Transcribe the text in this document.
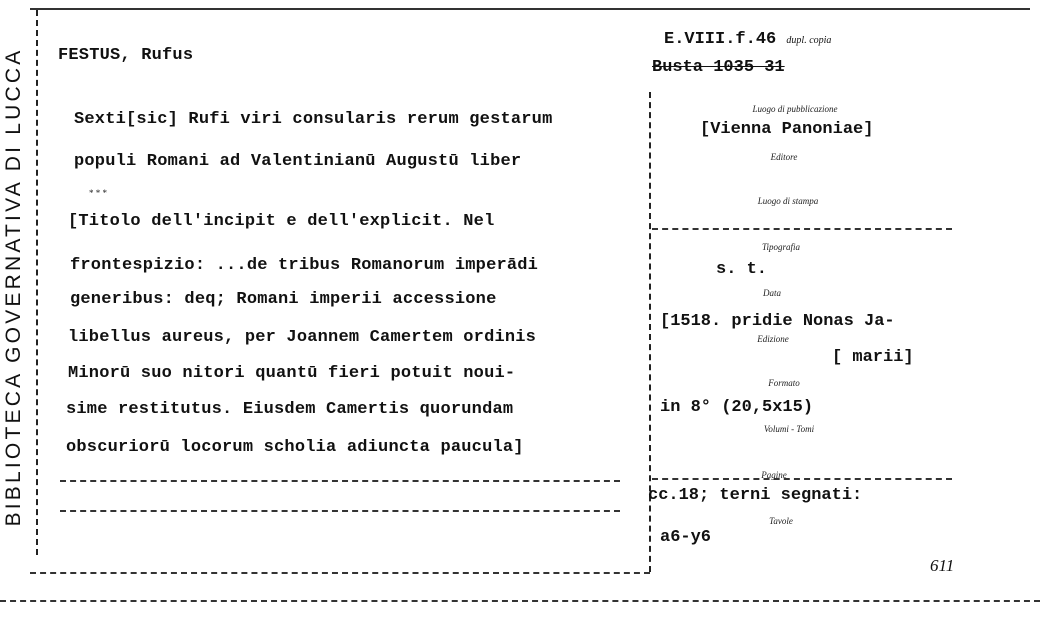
BIBLIOTECA GOVERNATIVA DI LUCCA FESTUS, Rufus
E.VIII.f.46 dupl. copia
Busta 1035 31
Sexti[sic] Rufi viri consularis rerum gestarum
populi Romani ad Valentinianū Augustū liber
* * *
[Titolo dell'incipit e dell'explicit. Nel
frontespizio: ...de tribus Romanorum imperādi
generibus: deq; Romani imperii accessione
libellus aureus, per Joannem Camertem ordinis
Minorū suo nitori quantū fieri potuit noui-
sime restitutus. Eiusdem Camertis quorundam
obscuriorū locorum scholia adiuncta paucula]
Luogo di pubblicazione
[Vienna Panoniae]
Editore
Luogo di stampa
Tipografia
s. t.
Data
[1518. pridie Nonas Ja-
Edizione
[ marii]
Formato
in 8° (20,5x15)
Volumi - Tomi
Pagine
cc.18; terni segnati:
Tavole
a6-y6
611
